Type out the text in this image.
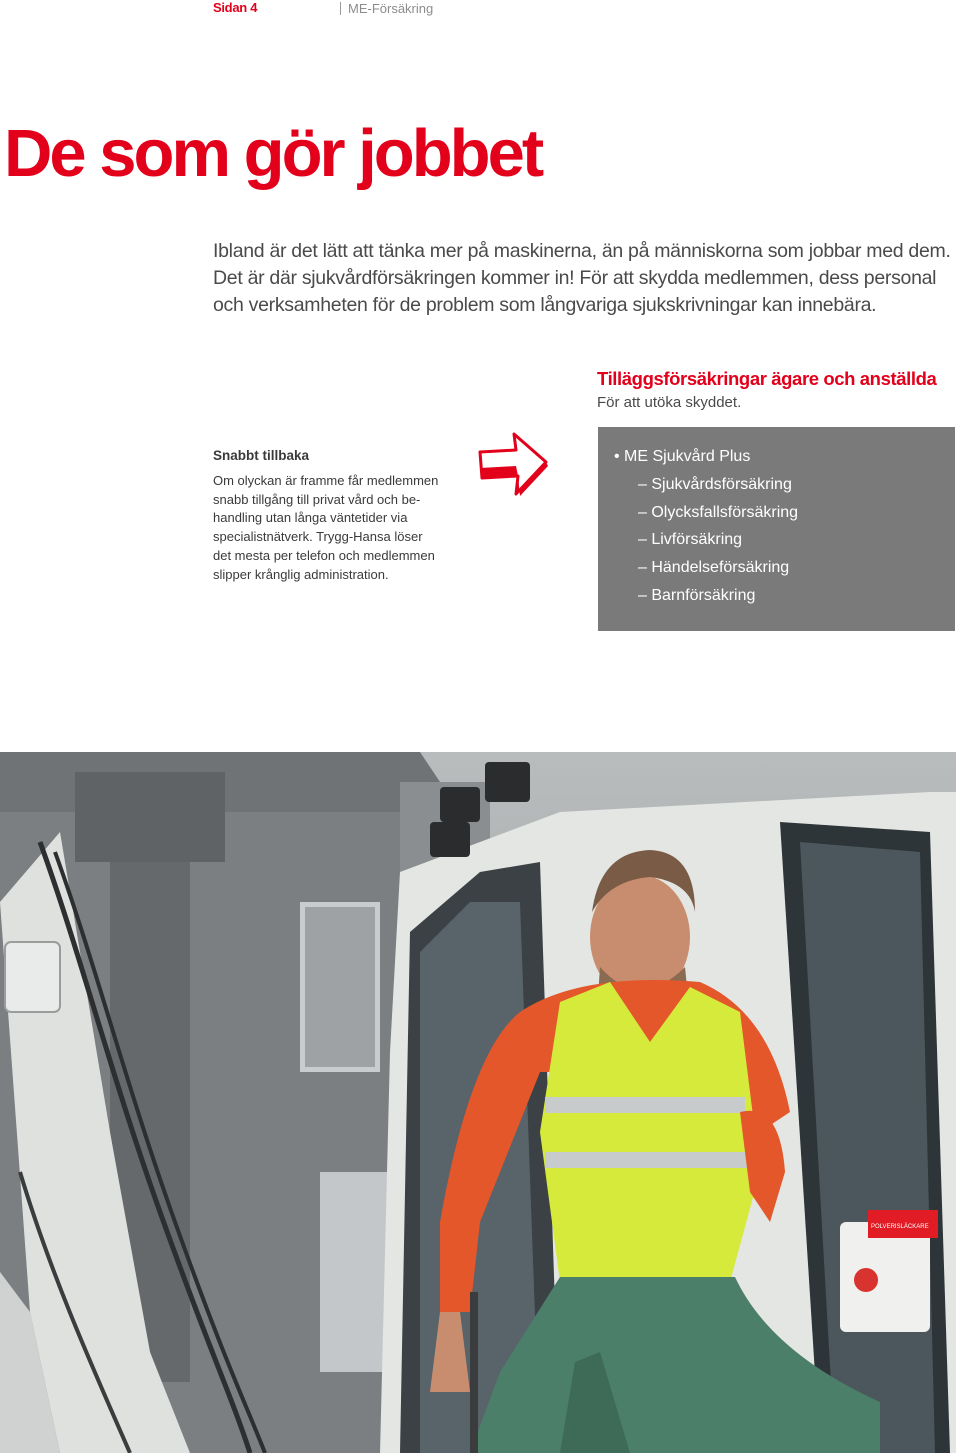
Sidan 4	ME-Försäkring
De som gör jobbet
Ibland är det lätt att tänka mer på maskinerna, än på människorna som jobbar med dem.
Det är där sjukvårdförsäkringen kommer in! För att skydda medlemmen, dess personal
och verksamheten för de problem som långvariga sjukskrivningar kan innebära.
Tilläggsförsäkringar ägare och anställda
För att utöka skyddet.
Snabbt tillbaka
Om olyckan är framme får medlemmen
snabb tillgång till privat vård och be-
handling utan långa väntetider via
specialistnätverk. Trygg-Hansa löser
det mesta per telefon och medlemmen
slipper krånglig administration.
• ME Sjukvård Plus
– Sjukvårdsförsäkring
– Olycksfallsförsäkring
– Livförsäkring
– Händelseförsäkring
– Barnförsäkring
POLVERISLÄCKARE
